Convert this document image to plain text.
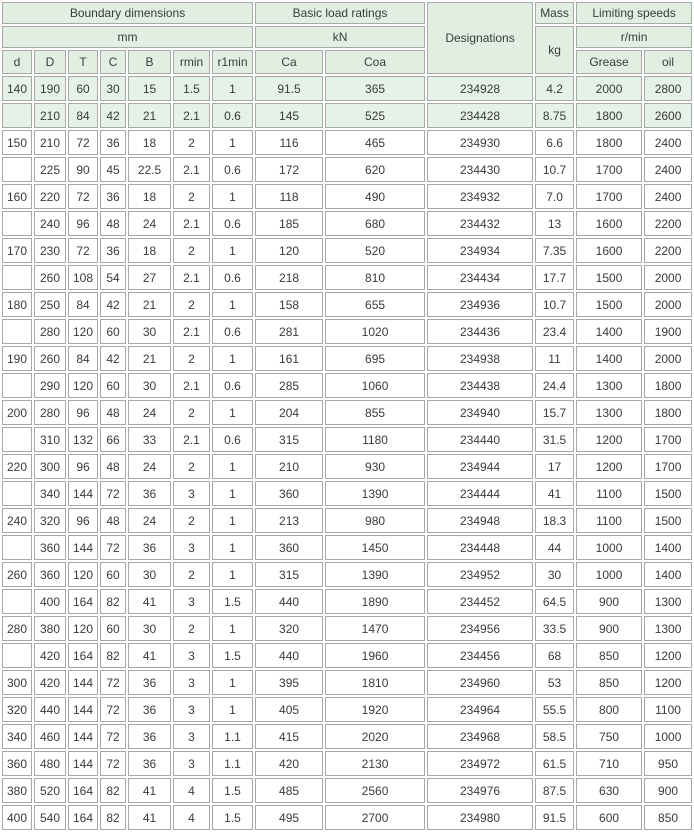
Boundary dimensions							Basic load ratings		Designations	Mass	Limiting speeds	
mm							kN			kg	r/min	
d	D	T	C	B	rmin	r1min	Ca	Coa			Grease	oil
140	190	60	30	15	1.5	1	91.5	365	234928	4.2	2000	2800
	210	84	42	21	2.1	0.6	145	525	234428	8.75	1800	2600
150	210	72	36	18	2	1	116	465	234930	6.6	1800	2400
	225	90	45	22.5	2.1	0.6	172	620	234430	10.7	1700	2400
160	220	72	36	18	2	1	118	490	234932	7.0	1700	2400
	240	96	48	24	2.1	0.6	185	680	234432	13	1600	2200
170	230	72	36	18	2	1	120	520	234934	7.35	1600	2200
	260	108	54	27	2.1	0.6	218	810	234434	17.7	1500	2000
180	250	84	42	21	2	1	158	655	234936	10.7	1500	2000
	280	120	60	30	2.1	0.6	281	1020	234436	23.4	1400	1900
190	260	84	42	21	2	1	161	695	234938	11	1400	2000
	290	120	60	30	2.1	0.6	285	1060	234438	24.4	1300	1800
200	280	96	48	24	2	1	204	855	234940	15.7	1300	1800
	310	132	66	33	2.1	0.6	315	1180	234440	31.5	1200	1700
220	300	96	48	24	2	1	210	930	234944	17	1200	1700
	340	144	72	36	3	1	360	1390	234444	41	1100	1500
240	320	96	48	24	2	1	213	980	234948	18.3	1100	1500
	360	144	72	36	3	1	360	1450	234448	44	1000	1400
260	360	120	60	30	2	1	315	1390	234952	30	1000	1400
	400	164	82	41	3	1.5	440	1890	234452	64.5	900	1300
280	380	120	60	30	2	1	320	1470	234956	33.5	900	1300
	420	164	82	41	3	1.5	440	1960	234456	68	850	1200
300	420	144	72	36	3	1	395	1810	234960	53	850	1200
320	440	144	72	36	3	1	405	1920	234964	55.5	800	1100
340	460	144	72	36	3	1.1	415	2020	234968	58.5	750	1000
360	480	144	72	36	3	1.1	420	2130	234972	61.5	710	950
380	520	164	82	41	4	1.5	485	2560	234976	87.5	630	900
400	540	164	82	41	4	1.5	495	2700	234980	91.5	600	850
